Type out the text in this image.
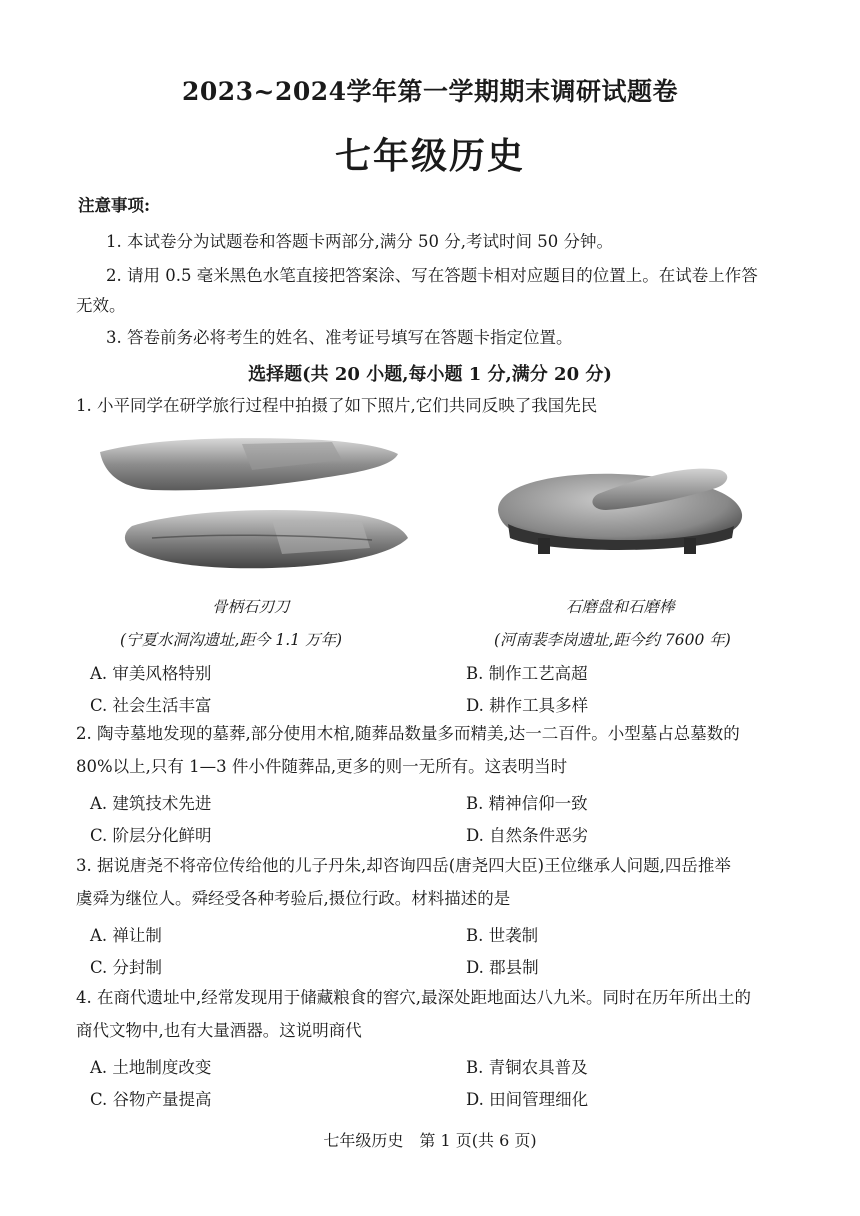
2023~2024学年第一学期期末调研试题卷
七年级历史
注意事项:
1. 本试卷分为试题卷和答题卡两部分,满分 50 分,考试时间 50 分钟。
2. 请用 0.5 毫米黑色水笔直接把答案涂、写在答题卡相对应题目的位置上。在试卷上作答
无效。
3. 答卷前务必将考生的姓名、准考证号填写在答题卡指定位置。
选择题(共 20 小题,每小题 1 分,满分 20 分)
1. 小平同学在研学旅行过程中拍摄了如下照片,它们共同反映了我国先民
骨柄石刃刀
(宁夏水洞沟遗址,距今 1.1 万年)
石磨盘和石磨棒
(河南裴李岗遗址,距今约 7600 年)
A. 审美风格特别	B. 制作工艺高超
C. 社会生活丰富	D. 耕作工具多样
2. 陶寺墓地发现的墓葬,部分使用木棺,随葬品数量多而精美,达一二百件。小型墓占总墓数的
80%以上,只有 1—3 件小件随葬品,更多的则一无所有。这表明当时
A. 建筑技术先进	B. 精神信仰一致
C. 阶层分化鲜明	D. 自然条件恶劣
3. 据说唐尧不将帝位传给他的儿子丹朱,却咨询四岳(唐尧四大臣)王位继承人问题,四岳推举
虞舜为继位人。舜经受各种考验后,摄位行政。材料描述的是
A. 禅让制	B. 世袭制
C. 分封制	D. 郡县制
4. 在商代遗址中,经常发现用于储藏粮食的窖穴,最深处距地面达八九米。同时在历年所出土的
商代文物中,也有大量酒器。这说明商代
A. 土地制度改变	B. 青铜农具普及
C. 谷物产量提高	D. 田间管理细化
七年级历史　第 1 页(共 6 页)
